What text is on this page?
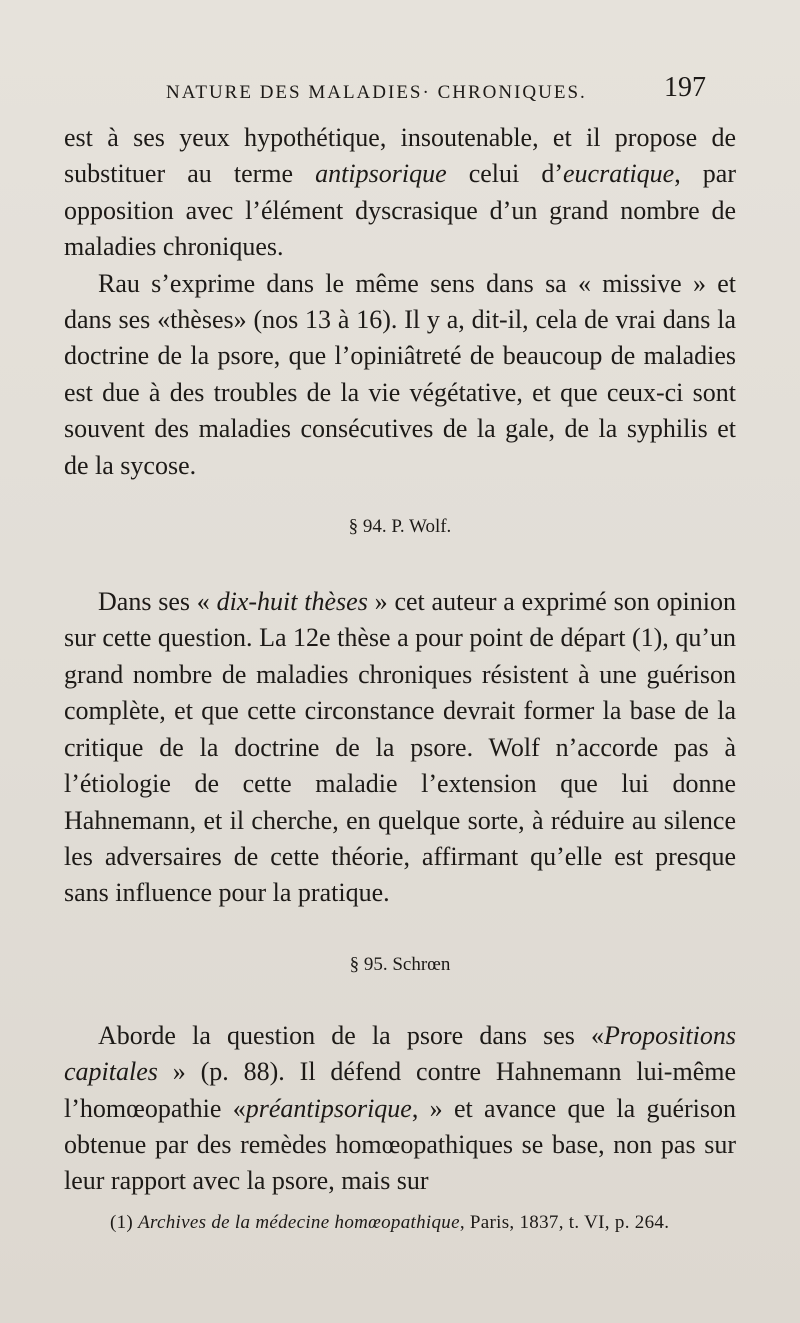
NATURE DES MALADIES· CHRONIQUES.	197

est à ses yeux hypothétique, insoutenable, et il propose de substituer au terme antipsorique celui d’eucratique, par opposition avec l’élément dyscrasique d’un grand nombre de maladies chroniques.

Rau s’exprime dans le même sens dans sa « missive » et dans ses «thèses» (nos 13 à 16). Il y a, dit-il, cela de vrai dans la doctrine de la psore, que l’opiniâtreté de beaucoup de maladies est due à des troubles de la vie végétative, et que ceux-ci sont souvent des maladies consécutives de la gale, de la syphilis et de la sycose.

§ 94. P. Wolf.

Dans ses « dix-huit thèses » cet auteur a exprimé son opinion sur cette question. La 12e thèse a pour point de départ (1), qu’un grand nombre de maladies chroniques résistent à une guérison complète, et que cette circonstance devrait former la base de la critique de la doctrine de la psore. Wolf n’accorde pas à l’étiologie de cette maladie l’extension que lui donne Hahnemann, et il cherche, en quelque sorte, à réduire au silence les adversaires de cette théorie, affirmant qu’elle est presque sans influence pour la pratique.

§ 95. Schrœn

Aborde la question de la psore dans ses «Propositions capitales » (p. 88). Il défend contre Hahnemann lui-même l’homœopathie «préantipsorique, » et avance que la guérison obtenue par des remèdes homœopathiques se base, non pas sur leur rapport avec la psore, mais sur

(1) Archives de la médecine homœopathique, Paris, 1837, t. VI, p. 264.
